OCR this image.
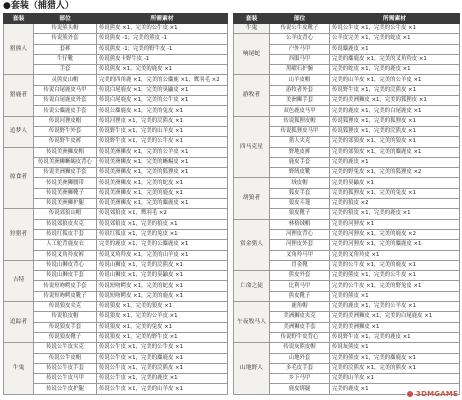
●套装（捕猎人）
套装	部位	所需素材
猎熊人	传说熊头帽	传说熊皮 ×1，完美的公牛皮 ×1
	传说熊外套	传说熊皮 -1；完美的熊皮 -1
	套裤	传说熊皮 -1；完美的野牛皮 -1
	牛仔靴	传说熊皮卡野牛皮 -1
	手套	传说熊皮 ×1，完美的鹿皮 ×1
猎鹿者	灵熊皮山帽	完美的四角鹿 ×1，完美的公麋鹿 ×1，鹰羽毛 ×2
	传说白尾鹿皮马甲	传说白尾鹿皮 ×1，完美的臭鼬皮 ×1
	传说白尾鹿皮外套	传说白尾鹿皮 ×1，完美的公牛皮 ×1
	传说公麋鹿皮手套	传说公麋鹿皮 ×1，完美的兔皮 ×1
追梦人	传说河狸皮帽	传说河狸皮 ×1，完美的浣熊皮 ×1
	传说野牛外套	传说野牛皮 ×1，完美的山羊皮 ×1
	传说野牛皮裤	传说野牛皮 ×1，完美的公牛皮 ×1
掠食者	传说美洲狮皮帽	传说美洲狮皮 ×1，完美的公羊皮 ×1
	传说美洲狮蜥蜴皮背心	传说美洲狮皮 ×1，完美的蜥蜴皮 ×1
	传说美洲狮皮手套	传说美洲狮皮 ×1，完美的狐狸皮 ×1
	传说美洲狮腰带	传说美洲狮皮 ×1，完美的蛇皮 ×1
	传说美洲狮靴子	传说美洲狮皮 ×1，完美的鹿皮 ×1
	传说美洲狮护腿	传说美洲狮皮 ×1，完美的麋鹿皮 ×1
狩猎者	传说郊狼山帽	传说郊狼皮 ×1，鹰羽毛 ×2
	传说郊狼皮夹克	传说郊狼皮 ×1，完美的狼皮 ×1
	传说红狐皮手套	传说红狐皮 ×1，完美的兔皮 ×1
	人工驼背鹿皮衣	完美的鹿皮 ×1，完美的公麋鹿皮 ×1
	传说叉角羚皮裤	传说叉角羚皮 ×1，完美的山羊皮 ×1
吉特	传说山狮皮背心	传说山狮皮 ×1，完美的浣熊皮 ×1
	传说山狮皮手套	传说山狮皮 ×1，完美的臭鼬皮 ×1
	传说短吻鳄皮手套	传说短吻鳄皮 ×1，完美的蛇皮 ×1
	传说短吻鳄皮靴子	传说短吻鳄皮 ×1，完美的鹿皮 ×1
追踪者	传说狼皮夹克	传说狼皮 ×1，完美的狼皮 ×1
	传说狼皮帽	传说狼皮 ×1，完美的公羊皮 ×1
	传说狼皮手套	传说狼皮 ×1，完美的兔皮 ×1
	传说狼皮靴子	传说狼皮 ×1，完美的野牛皮 ×1
牛鬼	传说公牛皮夹克	传说公牛皮 ×1，完美的公牛皮 ×1
	传说公牛皮帽	传说公牛皮 ×1，完美的麋鹿皮 ×1
	传说公牛皮手套	传说公牛皮 ×1，完美的浣熊皮 ×1
	传说公牛皮马甲	传说公牛皮 ×1，完美的鹿皮 ×1
	传说公牛皮护腿	传说公牛皮 ×1，完美的山羊皮 ×1
套装	部位	所需素材
牛鬼	传说公牛皮靴子	传说公牛皮 ×1，完美的公牛皮 ×1
响尾蛇	公羊皮背心	公羊皮完美 ×1，完美的蛇皮 ×1
	户外马甲	传说麋鹿皮 ×1
	西服马甲	完美的麋鹿皮 ×1，完美的叉角羚皮 ×1
	黑曜石护腕	完美的蛇皮 ×1，完美的鹿皮 ×1
游牧者	山羊皮帽	完美的山羊皮 ×1，完美的公羊皮 ×1
	游牧者外套	传说野牛皮 ×1，完美的浣熊皮 ×1
	美洲狮手套	完美的美洲狮皮 ×1，完美的狐狸皮 ×1
	双色鹿皮马甲	完美的鹿皮 ×1，完美的白尾鹿皮 ×1
四马克星	传说狐狸皮帽	传说狐狸皮 ×1，完美的狐狸皮 ×1
	传说狐狸皮马甲	传说狐狸皮 ×1，完美的浣熊皮 ×1
	猎人夹克	完美的郊狼皮 ×1，完美的狼皮 ×1
	野地皮裤	完美的郊狼皮 ×1，完美的麋鹿皮 ×1
	鹿皮手套	完美的鹿皮 ×1
	野绒皮靴	完美的野兔皮 ×1，完美的狐狸皮 ×2
胡狼者	绒皮帽	完美的臭鼬皮 ×1
	狐皮手套	完美的狐狸皮 ×1，完美的兔皮 ×1
	狼皮斗篷	完美的狼皮 ×2
	狼皮靴子	完美的狼皮 ×1，完美的鹿皮 ×1
赏金猎人	林格绒帽	完美的河狸皮 ×1
	河狸皮背心	完美的河狸皮 ×1，完美的鹿皮 ×2
	河狸皮外套	完美的河狸皮 ×1，完美的麋鹿皮 ×1
	叉角羚马甲	完美的叉角羚皮 ×1
	冒金靴	完美的公牛皮 ×1，完美的鹿皮 ×1
亡命之徒	熊皮外套	完美的熊皮 ×1，完美的公牛皮 ×1
	比利马甲	完美的公牛皮 ×1，完美的野兔皮 ×1
	熊皮靴子	完美的熊皮 ×1
午夜牧马人	鹿角帽	完美的鹿皮 ×1，完美的公羊皮 ×1
	美洲狮皮夹克	完美的美洲狮皮 ×1，完美的白尾鹿皮 ×1
	美洲狮皮手套	完美的美洲狮皮 ×1
	传说野牛皮背心	传说野牛皮 ×1，完美的鹿皮 ×1
山地野人	传说灰熊皮帽	传说灰熊皮 ×1
	山地外套	完美的熊皮 ×1，完美的麋鹿皮 ×1
	多毛皮手套	完美的浣熊皮 ×1，完美的熊皮 ×1
	乡下马甲	完美的山羊皮 ×1
	鹿皮绑腿	完美的鹿皮 ×1
3DMGAME
